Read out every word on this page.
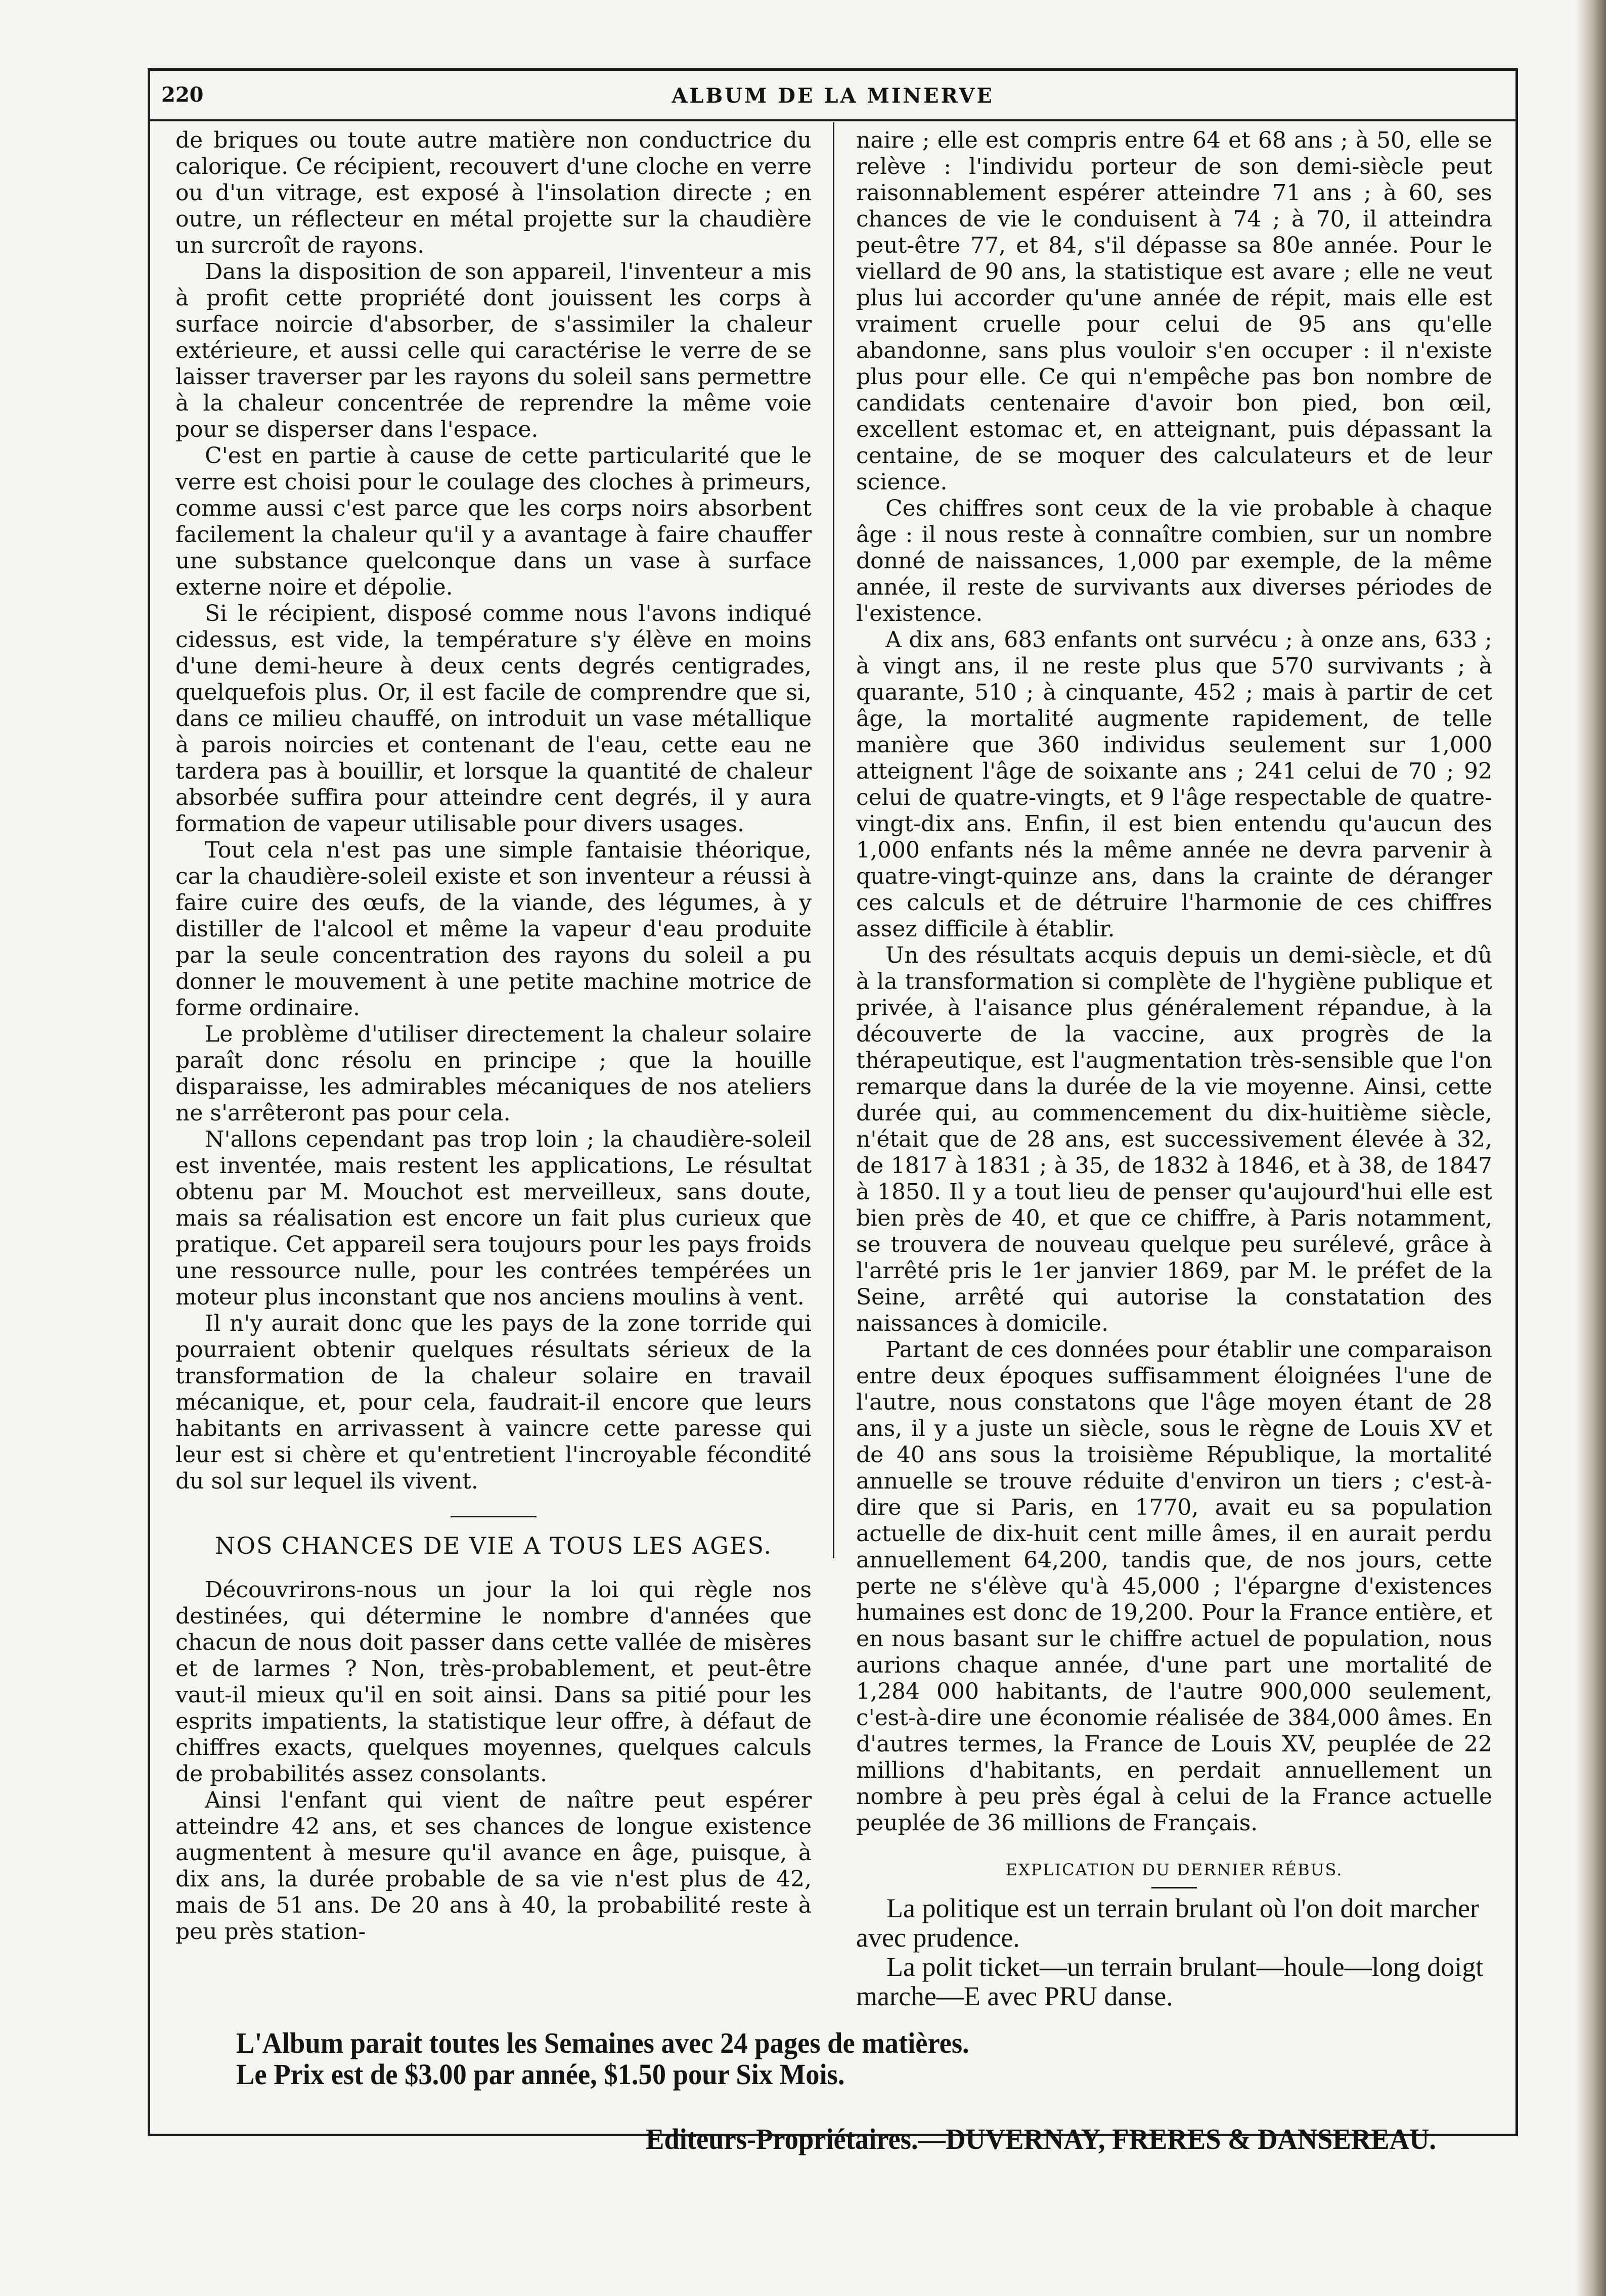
220	ALBUM DE LA MINERVE

de briques ou toute autre matière non conductrice du calorique. Ce récipient, recouvert d'une cloche en verre ou d'un vitrage, est exposé à l'insolation directe ; en outre, un réflecteur en métal projette sur la chaudière un surcroît de rayons.

Dans la disposition de son appareil, l'inventeur a mis à profit cette propriété dont jouissent les corps à surface noircie d'absorber, de s'assimiler la chaleur extérieure, et aussi celle qui caractérise le verre de se laisser traverser par les rayons du soleil sans permettre à la chaleur concentrée de reprendre la même voie pour se disperser dans l'espace.

C'est en partie à cause de cette particularité que le verre est choisi pour le coulage des cloches à primeurs, comme aussi c'est parce que les corps noirs absorbent facilement la chaleur qu'il y a avantage à faire chauffer une substance quelconque dans un vase à surface externe noire et dépolie.

Si le récipient, disposé comme nous l'avons indiqué cidessus, est vide, la température s'y élève en moins d'une demi-heure à deux cents degrés centigrades, quelquefois plus. Or, il est facile de comprendre que si, dans ce milieu chauffé, on introduit un vase métallique à parois noircies et contenant de l'eau, cette eau ne tardera pas à bouillir, et lorsque la quantité de chaleur absorbée suffira pour atteindre cent degrés, il y aura formation de vapeur utilisable pour divers usages.

Tout cela n'est pas une simple fantaisie théorique, car la chaudière-soleil existe et son inventeur a réussi à faire cuire des œufs, de la viande, des légumes, à y distiller de l'alcool et même la vapeur d'eau produite par la seule concentration des rayons du soleil a pu donner le mouvement à une petite machine motrice de forme ordinaire.

Le problème d'utiliser directement la chaleur solaire paraît donc résolu en principe ; que la houille disparaisse, les admirables mécaniques de nos ateliers ne s'arrêteront pas pour cela.

N'allons cependant pas trop loin ; la chaudière-soleil est inventée, mais restent les applications, Le résultat obtenu par M. Mouchot est merveilleux, sans doute, mais sa réalisation est encore un fait plus curieux que pratique. Cet appareil sera toujours pour les pays froids une ressource nulle, pour les contrées tempérées un moteur plus inconstant que nos anciens moulins à vent.

Il n'y aurait donc que les pays de la zone torride qui pourraient obtenir quelques résultats sérieux de la transformation de la chaleur solaire en travail mécanique, et, pour cela, faudrait-il encore que leurs habitants en arrivassent à vaincre cette paresse qui leur est si chère et qu'entretient l'incroyable fécondité du sol sur lequel ils vivent.

NOS CHANCES DE VIE A TOUS LES AGES.

Découvrirons-nous un jour la loi qui règle nos destinées, qui détermine le nombre d'années que chacun de nous doit passer dans cette vallée de misères et de larmes ? Non, très-probablement, et peut-être vaut-il mieux qu'il en soit ainsi. Dans sa pitié pour les esprits impatients, la statistique leur offre, à défaut de chiffres exacts, quelques moyennes, quelques calculs de probabilités assez consolants.

Ainsi l'enfant qui vient de naître peut espérer atteindre 42 ans, et ses chances de longue existence augmentent à mesure qu'il avance en âge, puisque, à dix ans, la durée probable de sa vie n'est plus de 42, mais de 51 ans. De 20 ans à 40, la probabilité reste à peu près station-

naire ; elle est compris entre 64 et 68 ans ; à 50, elle se relève : l'individu porteur de son demi-siècle peut raisonnablement espérer atteindre 71 ans ; à 60, ses chances de vie le conduisent à 74 ; à 70, il atteindra peut-être 77, et 84, s'il dépasse sa 80e année. Pour le viellard de 90 ans, la statistique est avare ; elle ne veut plus lui accorder qu'une année de répit, mais elle est vraiment cruelle pour celui de 95 ans qu'elle abandonne, sans plus vouloir s'en occuper : il n'existe plus pour elle. Ce qui n'empêche pas bon nombre de candidats centenaire d'avoir bon pied, bon œil, excellent estomac et, en atteignant, puis dépassant la centaine, de se moquer des calculateurs et de leur science.

Ces chiffres sont ceux de la vie probable à chaque âge : il nous reste à connaître combien, sur un nombre donné de naissances, 1,000 par exemple, de la même année, il reste de survivants aux diverses périodes de l'existence.

A dix ans, 683 enfants ont survécu ; à onze ans, 633 ; à vingt ans, il ne reste plus que 570 survivants ; à quarante, 510 ; à cinquante, 452 ; mais à partir de cet âge, la mortalité augmente rapidement, de telle manière que 360 individus seulement sur 1,000 atteignent l'âge de soixante ans ; 241 celui de 70 ; 92 celui de quatre-vingts, et 9 l'âge respectable de quatre-vingt-dix ans. Enfin, il est bien entendu qu'aucun des 1,000 enfants nés la même année ne devra parvenir à quatre-vingt-quinze ans, dans la crainte de déranger ces calculs et de détruire l'harmonie de ces chiffres assez difficile à établir.

Un des résultats acquis depuis un demi-siècle, et dû à la transformation si complète de l'hygiène publique et privée, à l'aisance plus généralement répandue, à la découverte de la vaccine, aux progrès de la thérapeutique, est l'augmentation très-sensible que l'on remarque dans la durée de la vie moyenne. Ainsi, cette durée qui, au commencement du dix-huitième siècle, n'était que de 28 ans, est successivement élevée à 32, de 1817 à 1831 ; à 35, de 1832 à 1846, et à 38, de 1847 à 1850. Il y a tout lieu de penser qu'aujourd'hui elle est bien près de 40, et que ce chiffre, à Paris notamment, se trouvera de nouveau quelque peu surélevé, grâce à l'arrêté pris le 1er janvier 1869, par M. le préfet de la Seine, arrêté qui autorise la constatation des naissances à domicile.

Partant de ces données pour établir une comparaison entre deux époques suffisamment éloignées l'une de l'autre, nous constatons que l'âge moyen étant de 28 ans, il y a juste un siècle, sous le règne de Louis XV et de 40 ans sous la troisième République, la mortalité annuelle se trouve réduite d'environ un tiers ; c'est-à-dire que si Paris, en 1770, avait eu sa population actuelle de dix-huit cent mille âmes, il en aurait perdu annuellement 64,200, tandis que, de nos jours, cette perte ne s'élève qu'à 45,000 ; l'épargne d'existences humaines est donc de 19,200. Pour la France entière, et en nous basant sur le chiffre actuel de population, nous aurions chaque année, d'une part une mortalité de 1,284 000 habitants, de l'autre 900,000 seulement, c'est-à-dire une économie réalisée de 384,000 âmes. En d'autres termes, la France de Louis XV, peuplée de 22 millions d'habitants, en perdait annuellement un nombre à peu près égal à celui de la France actuelle peuplée de 36 millions de Français.

EXPLICATION DU DERNIER RÉBUS.

La politique est un terrain brulant où l'on doit marcher avec prudence.

La polit ticket—un terrain brulant—houle—long doigt marche—E avec PRU danse.

L'Album parait toutes les Semaines avec 24 pages de matières.
Le Prix est de $3.00 par année, $1.50 pour Six Mois.
Editeurs-Propriétaires.—DUVERNAY, FRERES & DANSEREAU.
